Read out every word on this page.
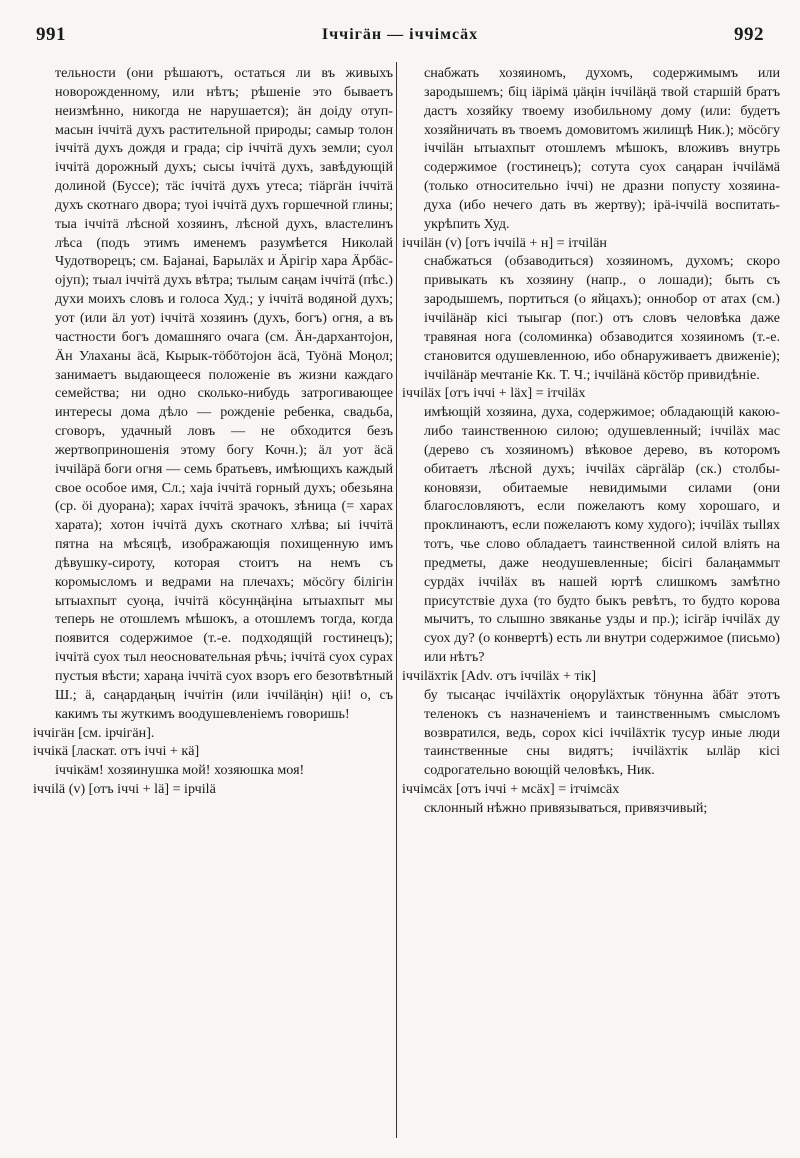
991	Іччігäн — іччімсäх	992

тельности (они рѣшаютъ, остаться ли въ живыхъ новорожденному, или нѣтъ; рѣшеніе это бываетъ неизмѣнно, никогда не нарушается); äн доіду отуп-масын іччітä духъ растительной природы; самыр толон іччітä духъ дождя и града; сір іччітä духъ земли; суол іччітä дорожный духъ; сысы іччітä духъ, завѣдующій долиной (Буссе); тäс іччітä духъ утеса; тіäргäн іччітä духъ скотнаго двора; туоі іччітä духъ горшечной глины; тыа іччітä лѣсной хозяинъ, лѣсной духъ, властелинъ лѣса (подъ этимъ именемъ разумѣется Николай Чудотворецъ; см. Баjанаі, Барылäх и Äрігір хара Äрбäс-оjуп); тыал іччітä духъ вѣтра; тылым саңам іччітä (пѣс.) духи моихъ словъ и голоса Худ.; у іччітä водяной духъ; уот (или äл уот) іччітä хозяинъ (духъ, богъ) огня, а въ частности богъ домашняго очага (см. Äн-дархантојон, Äн Улаханы äсä, Кырык-тöбöтојон äсä, Туöнä Моңол; занимаетъ выдающееся положеніе въ жизни каждаго семейства; ни одно сколько-нибудь затрогивающее интересы дома дѣло — рожденіе ребенка, свадьба, сговоръ, удачный ловъ — не обходится безъ жертвоприношенія этому богу Кочн.); äл уот äсä іччіläрä боги огня — семь братьевъ, имѣющихъ каждый свое особое имя, Сл.; хаја іччітä горный духъ; обезьяна (ср. öі дуоранa); харах іччітä зрачокъ, зѣница (= харах харата); хотон іччітä духъ скотнаго хлѣва; ыі іччітä пятна на мѣсяцѣ, изображающія похищенную имъ дѣвушку-сироту, которая стоитъ на немъ съ коромысломъ и ведрами на плечахъ; мöсöгу білігін ытыахпыт суоңа, іччітä кöсунңäңіна ытыахпыт мы теперь не отошлемъ мѣшокъ, а отошлемъ тогда, когда появится содержимое (т.-е. подходящій гостинецъ); іччітä суох тыл неосновательная рѣчь; іччітä суох сурах пустыя вѣсти; хараңа іччітä суох взоръ его безотвѣтный Ш.; ä, саңардаңың іччітін (или іччіläңін) ңіі! о, съ какимъ ты жуткимъ воодушевленіемъ говоришь!

іччігäн [см. ірчігäн].

іччікä [ласкат. отъ іччі + кä]

іччікäм! хозяинушка мой! хозяюшка моя!

іччіlä (v) [отъ іччі + lä] = ірчіlä

снабжать хозяиномъ, духомъ, содержимымъ или зародышемъ; біц іäрімä џäңін іччіläңä твой старшій братъ дастъ хозяйку твоему изобильному дому (или: будетъ хозяйничать въ твоемъ домовитомъ жилищѣ Ник.); мöсöгу іччіläн ытыахпыт отошлемъ мѣшокъ, вложивъ внутрь содержимое (гостинецъ); сотута суох саңаран іччіläмä (только относительно іччі) не дразни попусту хозяина-духа (ибо нечего дать въ жертву); ірä-іччіlä воспитать-укрѣпить Худ.

іччіläн (v) [отъ іччіlä + н] = ітчіläн

снабжаться (обзаводиться) хозяиномъ, духомъ; скоро привыкать къ хозяину (напр., о лошади); быть съ зародышемъ, портиться (о яйцахъ); оннобор от атах (см.) іччіläнäр кісі тыыгар (пог.) отъ словъ человѣка даже травяная нога (соломинка) обзаводится хозяиномъ (т.-е. становится одушевленною, ибо обнаруживаетъ движеніе); іччіläнäр мечтаніе Кк. Т. Ч.; іччіläнä кöстöр привидѣніе.

іччіläх [отъ іччі + läх] = ітчіläх

имѣющій хозяина, духа, содержимое; обладающій какою-либо таинственною силою; одушевленный; іччіläх мас (дерево съ хозяиномъ) вѣковое дерево, въ которомъ обитаетъ лѣсной духъ; іччіläх сäргäläр (ск.) столбы-коновязи, обитаемые невидимыми силами (они благословляютъ, если пожелаютъ кому хорошаго, и проклинаютъ, если пожелаютъ кому худого); іччіläх тыllях тотъ, чье слово обладаетъ таинственной силой вліять на предметы, даже неодушевленные; бісігі балаңаммыт сурдäх іччіläх въ нашей юртѣ слишкомъ замѣтно присутствіе духа (то будто быкъ ревѣтъ, то будто корова мычитъ, то слышно звяканье узды и пр.); ісігäр іччіläх ду суох ду? (о конвертѣ) есть ли внутри содержимое (письмо) или нѣтъ?

іччіläхтік [Adv. отъ іччіläх + тік]

бу тысаңас іччіläхтік оңоруläхтык тöнунна äбäт этотъ теленокъ съ назначеніемъ и таинственнымъ смысломъ возвратился, ведь, сорох кісі іччіläхтік тусур иные люди таинственные сны видятъ; іччіläхтік ылläр кісі содрогательно воющій человѣкъ, Ник.

іччімсäх [отъ іччі + мсäх] = ітчімсäх

склонный нѣжно привязываться, привязчивый;
